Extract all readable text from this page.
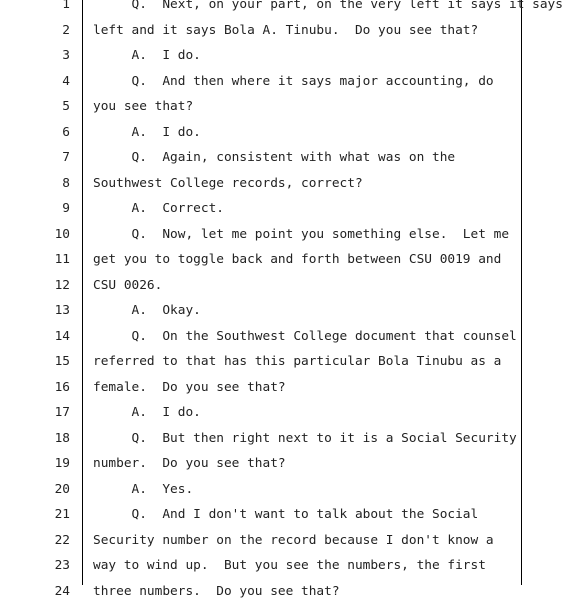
1 Q.  Next, on your part, on the very left it says it says
2 left and it says Bola A. Tinubu.  Do you see that?
3 A.  I do.
4 Q.  And then where it says major accounting, do
5 you see that?
6 A.  I do.
7 Q.  Again, consistent with what was on the
8 Southwest College records, correct?
9 A.  Correct.
10 Q.  Now, let me point you something else.  Let me
11 get you to toggle back and forth between CSU 0019 and
12 CSU 0026.
13 A.  Okay.
14 Q.  On the Southwest College document that counsel
15 referred to that has this particular Bola Tinubu as a
16 female.  Do you see that?
17 A.  I do.
18 Q.  But then right next to it is a Social Security
19 number.  Do you see that?
20 A.  Yes.
21 Q.  And I don't want to talk about the Social
22 Security number on the record because I don't know a
23 way to wind up.  But you see the numbers, the first
24 three numbers.  Do you see that?
